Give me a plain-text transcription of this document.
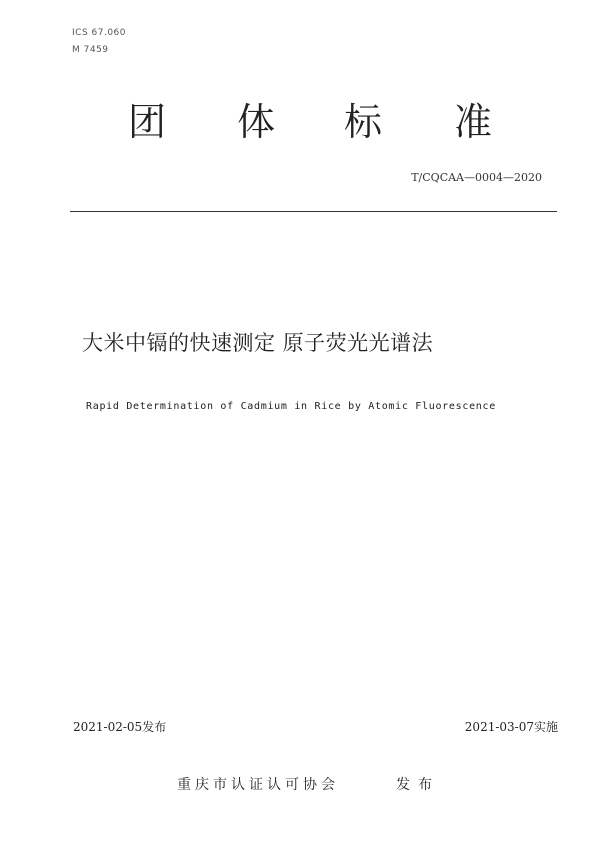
ICS 67.060
M 7459
团 体 标 准
T/CQCAA—0004—2020
大米中镉的快速测定 原子荧光光谱法
Rapid Determination of Cadmium in Rice by Atomic Fluorescence
2021-02-05发布	2021-03-07实施
重庆市认证认可协会	发布
